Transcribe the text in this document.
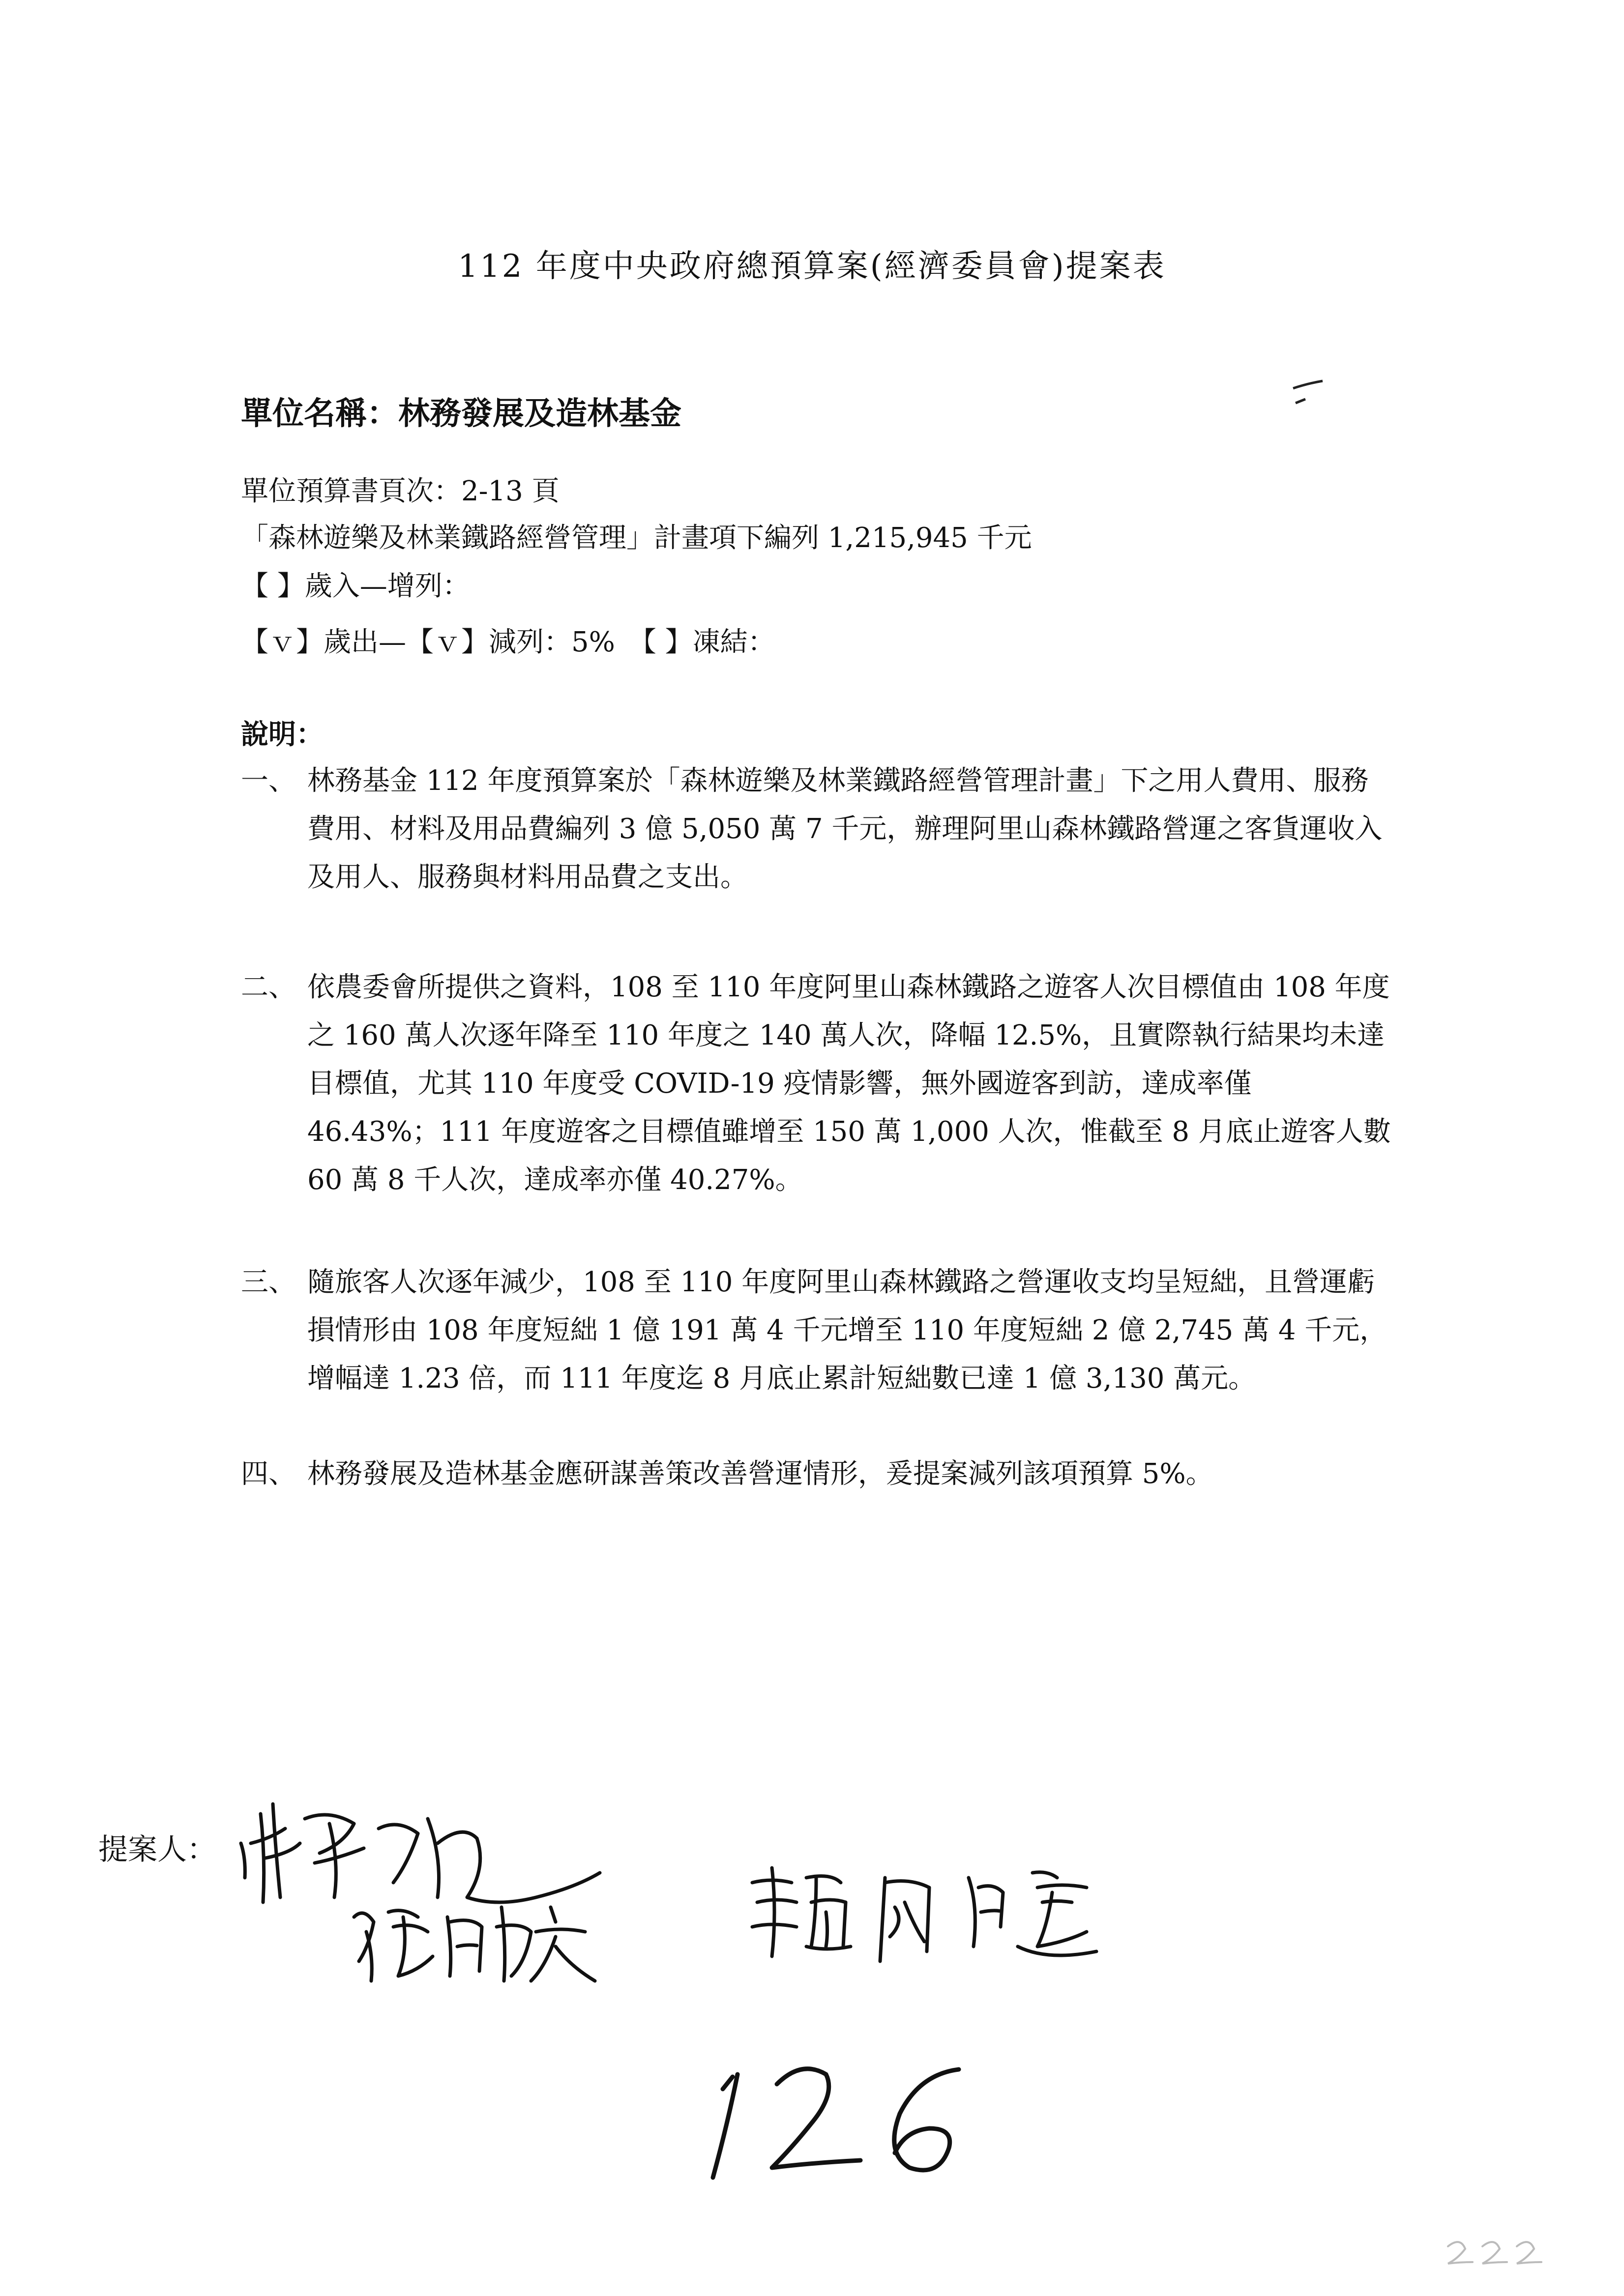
112 年度中央政府總預算案(經濟委員會)提案表
單位名稱：林務發展及造林基金
單位預算書頁次：2-13 頁
「森林遊樂及林業鐵路經營管理」計畫項下編列 1,215,945 千元
【 】歲入—增列：
【ｖ】歲出—【ｖ】減列：5%　【 】凍結：
說明：
一、 林務基金 112 年度預算案於「森林遊樂及林業鐵路經營管理計畫」下之用人費用、服務費用、材料及用品費編列 3 億 5,050 萬 7 千元，辦理阿里山森林鐵路營運之客貨運收入及用人、服務與材料用品費之支出。
二、 依農委會所提供之資料，108 至 110 年度阿里山森林鐵路之遊客人次目標值由 108 年度之 160 萬人次逐年降至 110 年度之 140 萬人次，降幅 12.5%，且實際執行結果均未達目標值，尤其 110 年度受 COVID-19 疫情影響，無外國遊客到訪，達成率僅 46.43%；111 年度遊客之目標值雖增至 150 萬 1,000 人次，惟截至 8 月底止遊客人數 60 萬 8 千人次，達成率亦僅 40.27%。
三、 隨旅客人次逐年減少，108 至 110 年度阿里山森林鐵路之營運收支均呈短絀，且營運虧損情形由 108 年度短絀 1 億 191 萬 4 千元增至 110 年度短絀 2 億 2,745 萬 4 千元，增幅達 1.23 倍，而 111 年度迄 8 月底止累計短絀數已達 1 億 3,130 萬元。
四、 林務發展及造林基金應研謀善策改善營運情形，爰提案減列該項預算 5%。
提案人：
